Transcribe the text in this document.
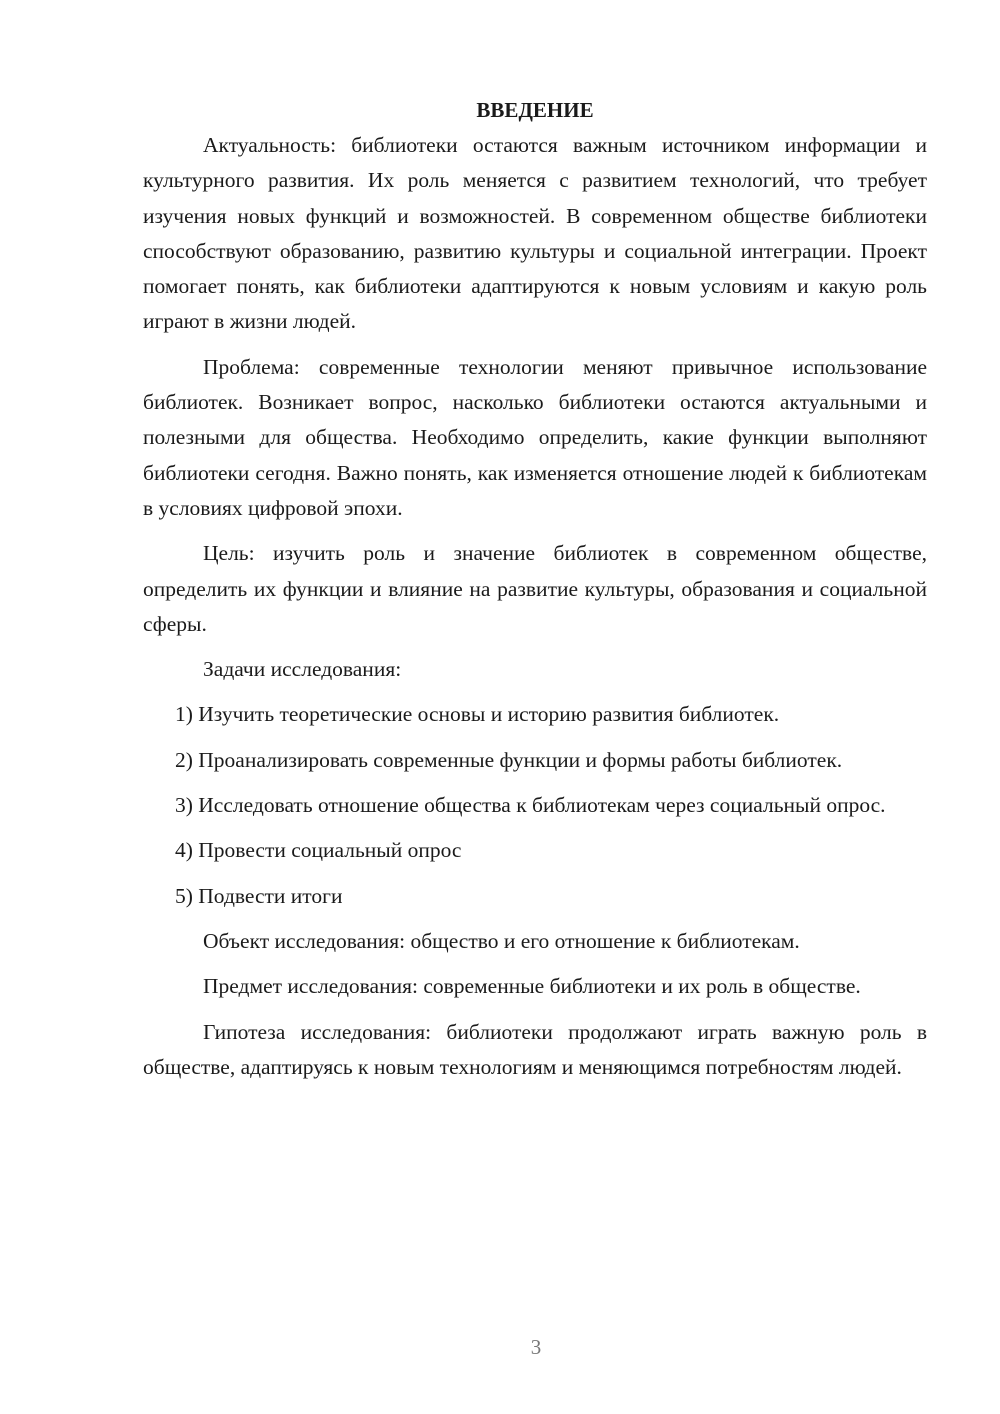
ВВЕДЕНИЕ

Актуальность: библиотеки остаются важным источником информации и культурного развития. Их роль меняется с развитием технологий, что требует изучения новых функций и возможностей. В современном обществе библиотеки способствуют образованию, развитию культуры и социальной интеграции. Проект помогает понять, как библиотеки адаптируются к новым условиям и какую роль играют в жизни людей.

Проблема: современные технологии меняют привычное использование библиотек. Возникает вопрос, насколько библиотеки остаются актуальными и полезными для общества. Необходимо определить, какие функции выполняют библиотеки сегодня. Важно понять, как изменяется отношение людей к библиотекам в условиях цифровой эпохи.

Цель: изучить роль и значение библиотек в современном обществе, определить их функции и влияние на развитие культуры, образования и социальной сферы.

Задачи исследования:

1) Изучить теоретические основы и историю развития библиотек.

2) Проанализировать современные функции и формы работы библиотек.

3) Исследовать отношение общества к библиотекам через социальный опрос.

4) Провести социальный опрос

5) Подвести итоги

Объект исследования: общество и его отношение к библиотекам.

Предмет исследования: современные библиотеки и их роль в обществе.

Гипотеза исследования: библиотеки продолжают играть важную роль в обществе, адаптируясь к новым технологиям и меняющимся потребностям людей.

3
